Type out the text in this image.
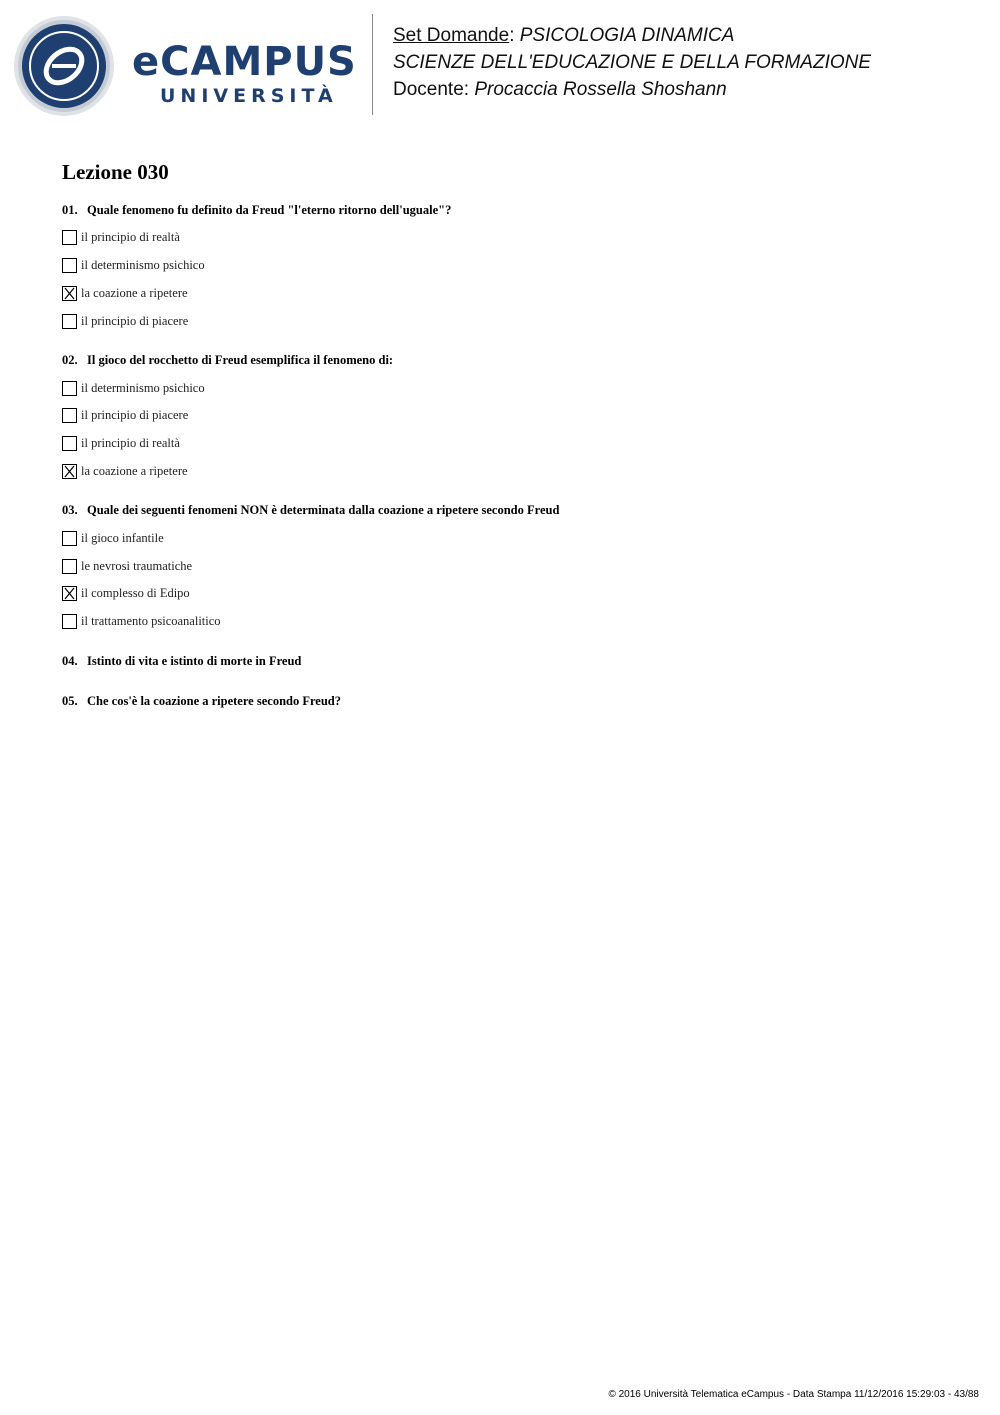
eCAMPUS
UNIVERSITÀ
Set Domande: PSICOLOGIA DINAMICA
SCIENZE DELL'EDUCAZIONE E DELLA FORMAZIONE
Docente: Procaccia Rossella Shoshann
Lezione 030
01. Quale fenomeno fu definito da Freud "l'eterno ritorno dell'uguale"?
il principio di realtà
il determinismo psichico
la coazione a ripetere
il principio di piacere
02. Il gioco del rocchetto di Freud esemplifica il fenomeno di:
il determinismo psichico
il principio di piacere
il principio di realtà
la coazione a ripetere
03. Quale dei seguenti fenomeni NON è determinata dalla coazione a ripetere secondo Freud
il gioco infantile
le nevrosi traumatiche
il complesso di Edipo
il trattamento psicoanalitico
04. Istinto di vita e istinto di morte in Freud
05. Che cos'è la coazione a ripetere secondo Freud?
© 2016 Università Telematica eCampus - Data Stampa 11/12/2016 15:29:03 - 43/88
